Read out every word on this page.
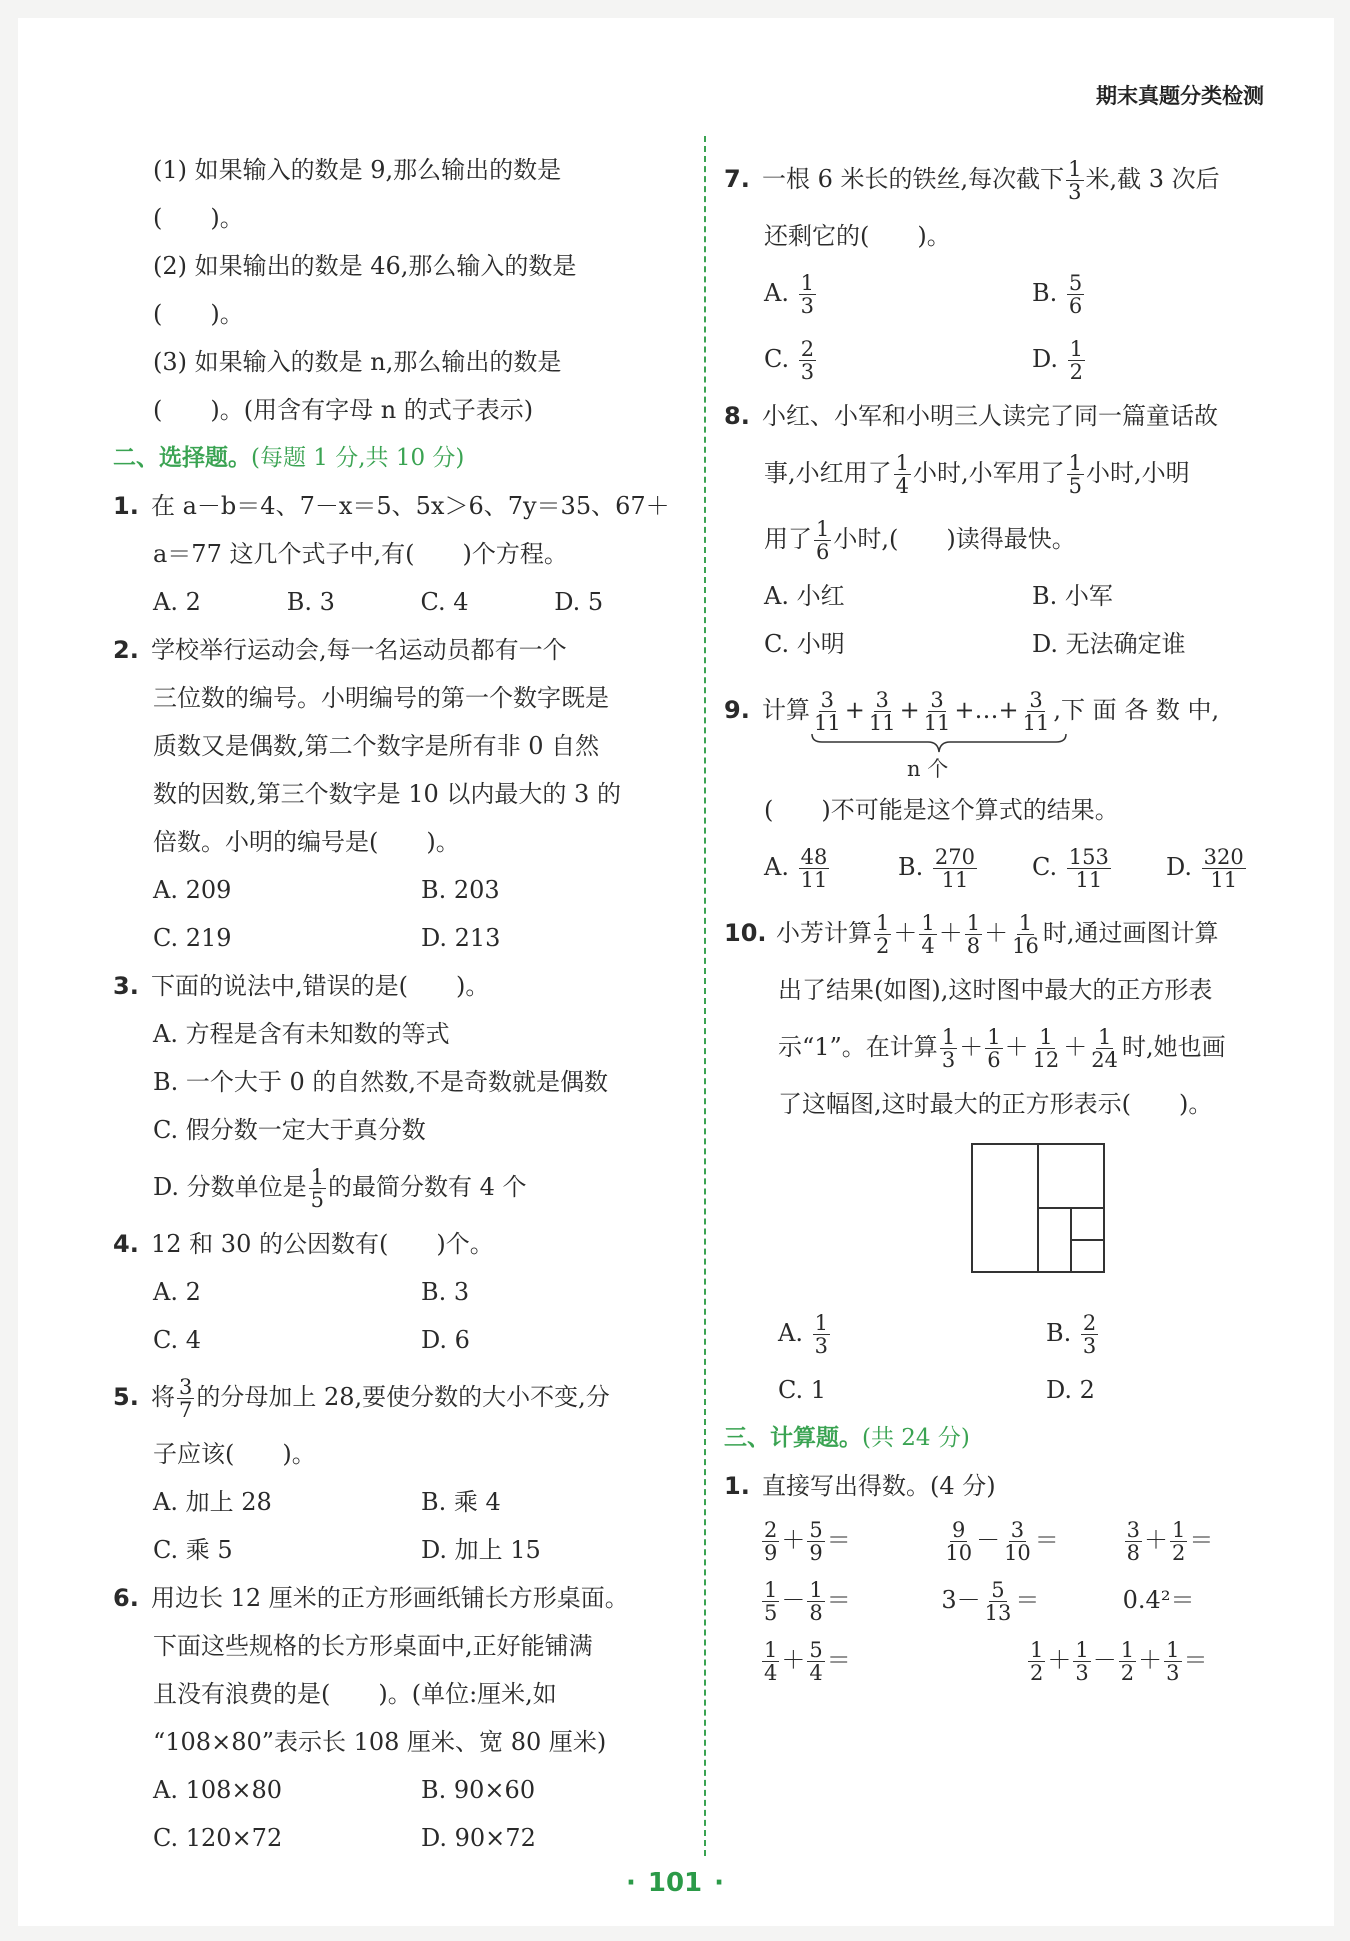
期末真题分类检测
(1) 如果输入的数是 9,那么输出的数是
(　　)。
(2) 如果输出的数是 46,那么输入的数是
(　　)。
(3) 如果输入的数是 n,那么输出的数是
(　　)。(用含有字母 n 的式子表示)
二、选择题。(每题 1 分,共 10 分)
1. 在 a－b＝4、7－x＝5、5x＞6、7y＝35、67＋
a＝77 这几个式子中,有(　　)个方程。
A. 2	B. 3	C. 4	D. 5
2. 学校举行运动会,每一名运动员都有一个
三位数的编号。小明编号的第一个数字既是
质数又是偶数,第二个数字是所有非 0 自然
数的因数,第三个数字是 10 以内最大的 3 的
倍数。小明的编号是(　　)。
A. 209	B. 203
C. 219	D. 213
3. 下面的说法中,错误的是(　　)。
A. 方程是含有未知数的等式
B. 一个大于 0 的自然数,不是奇数就是偶数
C. 假分数一定大于真分数
D. 分数单位是 $\frac{1}{5}$ 的最简分数有 4 个
4. 12 和 30 的公因数有(　　)个。
A. 2	B. 3
C. 4	D. 6
5. 将 $\frac{3}{7}$ 的分母加上 28,要使分数的大小不变,分
子应该(　　)。
A. 加上 28	B. 乘 4
C. 乘 5	D. 加上 15
6. 用边长 12 厘米的正方形画纸铺长方形桌面。
下面这些规格的长方形桌面中,正好能铺满
且没有浪费的是(　　)。(单位:厘米,如
“108×80”表示长 108 厘米、宽 80 厘米)
A. 108×80	B. 90×60
C. 120×72	D. 90×72
7. 一根 6 米长的铁丝,每次截下 $\frac{1}{3}$ 米,截 3 次后
还剩它的(　　)。
A. $\frac{1}{3}$	B. $\frac{5}{6}$
C. $\frac{2}{3}$	D. $\frac{1}{2}$
8. 小红、小军和小明三人读完了同一篇童话故
事,小红用了 $\frac{1}{4}$ 小时,小军用了 $\frac{1}{5}$ 小时,小明
用了 $\frac{1}{6}$ 小时,(　　)读得最快。
A. 小红	B. 小军
C. 小明	D. 无法确定谁
9. 计算 $\frac{3}{11} + \frac{3}{11} + \frac{3}{11}$ +…+ $\frac{3}{11}$ ,下 面 各 数 中,
n 个
(　　)不可能是这个算式的结果。
A. $\frac{48}{11}$	B. $\frac{270}{11} C$. $\frac{153}{11} D$. $\frac{320}{11}$
10. 小芳计算 $\frac{1}{2} + \frac{1}{4} + \frac{1}{8} + \frac{1}{16}$ 时,通过画图计算
出了结果(如图),这时图中最大的正方形表
示“1”。在计算 $\frac{1}{3} + \frac{1}{6} + \frac{1}{12} + \frac{1}{24}$ 时,她也画
了这幅图,这时最大的正方形表示(　　)。
A. $\frac{1}{3}$	B. $\frac{2}{3}$
C. 1	D. 2
三、计算题。(共 24 分)
1. 直接写出得数。(4 分)
$\frac{2}{9} + \frac{5}{9}$ ＝	$\frac{9}{10} - \frac{3}{10}$ ＝	$\frac{3}{8} + \frac{1}{2}$ ＝
$\frac{1}{5} - \frac{1}{8}$ ＝	$3- \frac{5}{13}$ ＝	0.4²＝
$\frac{1}{4} + \frac{5}{4}$ ＝	$\frac{1}{2} + \frac{1}{3} - \frac{1}{2} + \frac{1}{3}$ ＝
· 101 ·
